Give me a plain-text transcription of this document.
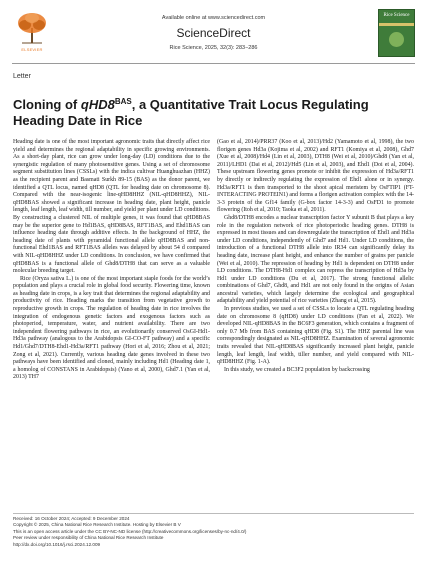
ELSEVIER
Available online at www.sciencedirect.com
ScienceDirect
Rice Science, 2025, 32(3): 283−286
Rice Science
Letter
Cloning of $qHD8^{BAS}$, a Quantitative Trait Locus Regulating
Heading Date in Rice

Heading date is one of the most important agronomic traits that directly affect rice yield and determines the regional adaptability in specific growing environments. As a short-day plant, rice can grow under long-day (LD) conditions due to the synergistic regulation of many photosensitive genes. Using a set of chromosome segment substitution lines (CSSLs) with the indica cultivar Huanghuazhan (HHZ) as the recipient parent and Basmati Surkh 89-15 (BAS) as the donor parent, we identified a QTL locus, named qHD8 (QTL for heading date on chromosome 8). Compared with the near-isogenic line-qHD8HHZ (NIL-qHD8HHZ), NIL-qHD8BAS showed a significant increase in heading date, plant height, panicle length, leaf length, leaf width, till number, and yield per plant under LD conditions. By constructing a clustered NIL of multiple genes, it was found that qHD8BAS may be the superior gene to Hd1BAS, qHD8BAS, RFT1BAS, and Ehd1BAS can influence heading date through additive effects. In the background of HHZ, the heading date of plants with pyramidal functional allele qHD8BAS and non-functional Ehd1BAS and RFT1BAS alleles was delayed by about 54 d compared with NIL-qHD8HHZ under LD conditions. In conclusion, we have confirmed that qHD8BAS is a functional allele of Ghd8/DTH8 that can serve as a valuable molecular breeding target.

Rice (Oryza sativa L.) is one of the most important staple foods for the world’s population and plays a crucial role in global food security. Flowering time, known as heading date in crops, is a key trait that determines the regional adaptability and productivity of rice. Heading marks the transition from vegetative growth to reproductive growth in crops. The regulation of heading date in rice involves the integration of endogenous genetic factors and exogenous factors such as photoperiod, temperature, water, and nutrient availability. There are two independent flowering pathways in rice, an evolutionarily conserved OsGI-Hd1-Hd3a pathway (analogous to the Arabidopsis GI-CO-FT pathway) and a specific Hd1/Ghd7/DTH8-Ehd1-Hd3a/RFT1 pathway (Hori et al, 2016; Zhou et al, 2021; Zong et al, 2021). Currently, various heading date genes involved in these two pathways have been identified and cloned, mainly including Hd1 (Heading date 1, a homolog of CONSTANS in Arabidopsis) (Yano et al, 2000), Ghd7.1 (Yan et al, 2013) TH7

(Gao et al, 2014)/PRR37 (Koo et al, 2013)/Hd2 (Yamamoto et al, 1998), the two florigen genes Hd3a (Kojima et al, 2002) and RFT1 (Komiya et al, 2008), Ghd7 (Xue et al, 2008)/Hd4 (Lin et al, 2003), DTH8 (Wei et al, 2010)/Ghd8 (Yan et al, 2011)/LHD1 (Dai et al, 2012)/Hd5 (Lin et al, 2003), and Ehd1 (Doi et al, 2004). These upstream flowering genes promote or inhibit the expression of Hd3a/RFT1 by directly or indirectly regulating the expression of Ehd1 alone or in synergy. Hd3a/RFT1 is then transported to the shoot apical meristem by OsFTIP1 (FT-INTERACTING PROTEIN1) and forms a florigen activation complex with the 14-3-3 protein of the Gf14 family (G-box factor 14-3-3) and OsFD1 to promote flowering (Itoh et al, 2010; Taoka et al, 2011).

Ghd8/DTH8 encodes a nuclear transcription factor Y subunit B that plays a key role in the regulation network of rice photoperiodic heading genes. DTH8 is expressed in most tissues and can downregulate the transcription of Ehd1 and Hd3a under LD conditions, independently of Ghd7 and Hd1. Under LD conditions, the introduction of a functional DTH8 allele into IR34 can significantly delay its heading date, increase plant height, and enhance the number of grains per panicle (Wei et al, 2010). The repression of heading by Hd1 is dependent on DTH8 under LD conditions. The DTH8-Hd1 complex can repress the transcription of Hd3a by Hd1 under LD conditions (Du et al, 2017). The strong functional allelic combinations of Ghd7, Ghd8, and Hd1 are not only found in the origins of Asian ancestral varieties, which largely determine the ecological and geographical adaptability and yield potential of rice varieties (Zhang et al, 2015).

In previous studies, we used a set of CSSLs to locate a QTL regulating heading date on chromosome 8 (qHD8) under LD conditions (Fan et al, 2022). We developed NIL-qHD8BAS in the BC6F3 generation, which contains a fragment of only 0.7 Mb from BAS containing qHD8 (Fig. S1). The HHZ parental line was correspondingly designated as NIL-qHD8HHZ. Examination of several agronomic traits revealed that NIL-qHD8BAS significantly increased plant height, panicle length, leaf length, leaf width, tiller number, and yield compared with NIL-qHD8HHZ (Fig. 1-A).

In this study, we created a BC3F2 population by backcrossing

Received: 16 October 2024; Accepted: 9 December 2024
Copyright © 2025, China National Rice Research Institute. Hosting by Elsevier B V
This is an open access article under the CC BY-NC-ND license (http://creativecommons.org/licenses/by-nc-nd/4.0/)
Peer review under responsibility of China National Rice Research Institute
http://dx.doi.org/10.1016/j.rsci.2024.12.009
